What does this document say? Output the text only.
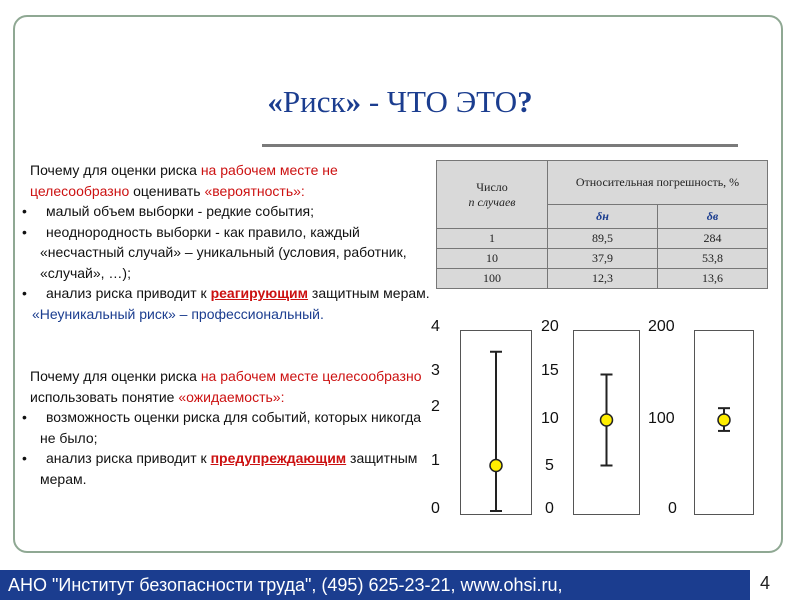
«Риск» - ЧТО ЭТО?
Почему для оценки риска на рабочем месте не целесообразно оценивать «вероятность»:
• малый объем выборки - редкие события;
• неоднородность выборки - как правило, каждый «несчастный случай» – уникальный (условия, работник, «случай», …);
• анализ риска приводит к реагирующим защитным мерам.
«Неуникальный риск» – профессиональный.
Почему для оценки риска на рабочем месте целесообразно использовать понятие «ожидаемость»:
• возможность оценки риска для событий, которых никогда не было;
• анализ риска приводит к предупреждающим защитным мерам.
Число
n случаев	Относительная погрешность, %	
	δн	δв
1	89,5	284
10	37,9	53,8
100	12,3	13,6
0
1
2
3
4
0
5
10
15
20
0
100
200
АНО "Институт безопасности труда", (495) 625-23-21, www.ohsi.ru,	4
